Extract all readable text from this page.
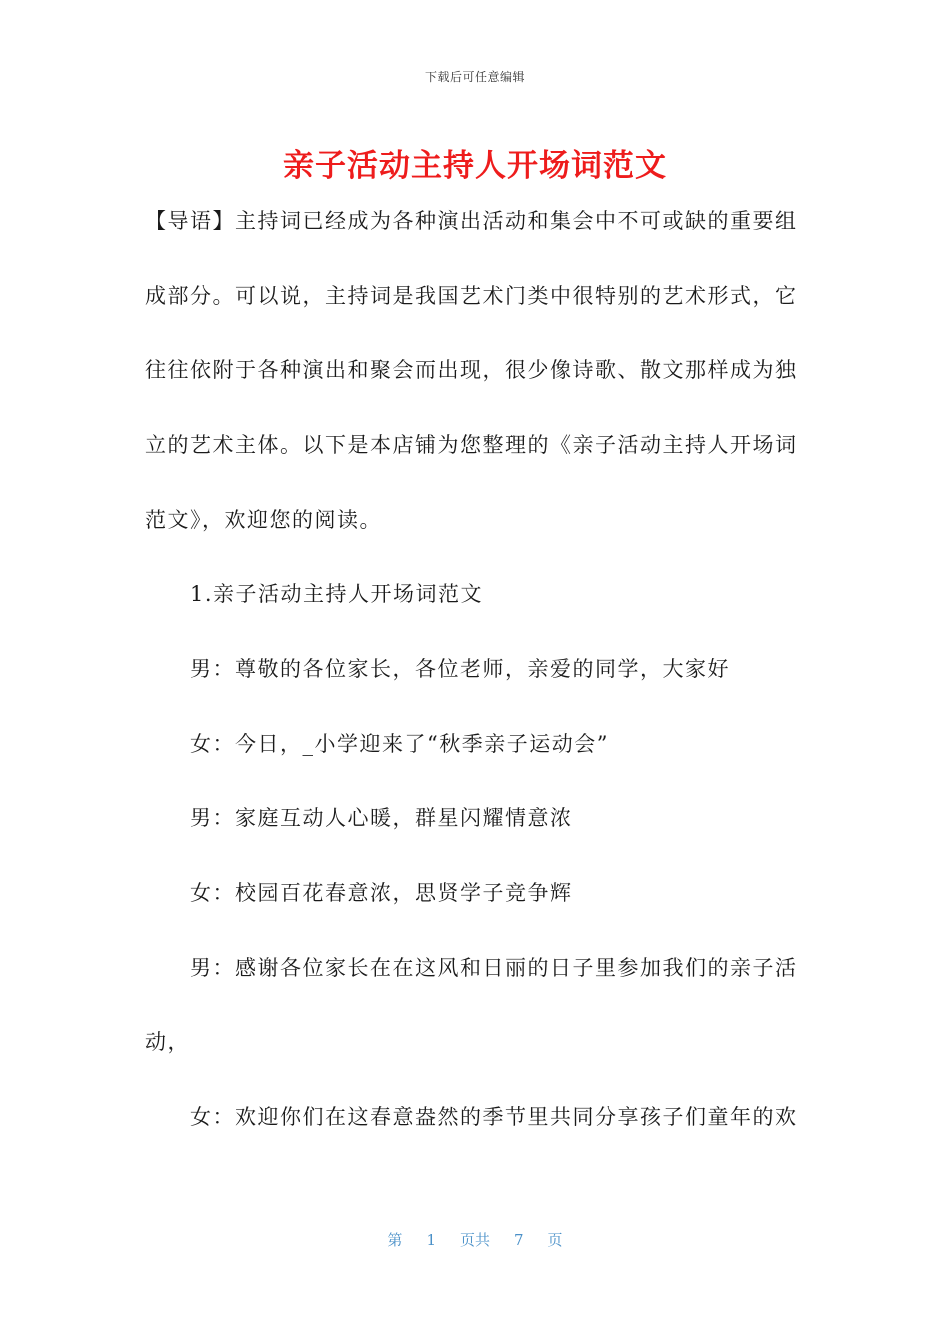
下载后可任意编辑
亲子活动主持人开场词范文
【导语】主持词已经成为各种演出活动和集会中不可或缺的重要组
成部分。可以说，主持词是我国艺术门类中很特别的艺术形式，它
往往依附于各种演出和聚会而出现，很少像诗歌、散文那样成为独
立的艺术主体。以下是本店铺为您整理的《亲子活动主持人开场词
范文》，欢迎您的阅读。
1.亲子活动主持人开场词范文
男：尊敬的各位家长，各位老师，亲爱的同学，大家好
女：今日，_小学迎来了“秋季亲子运动会”
男：家庭互动人心暖，群星闪耀情意浓
女：校园百花春意浓，思贤学子竞争辉
男：感谢各位家长在在这风和日丽的日子里参加我们的亲子活
动，
女：欢迎你们在这春意盎然的季节里共同分享孩子们童年的欢
第 1 页共 7 页
